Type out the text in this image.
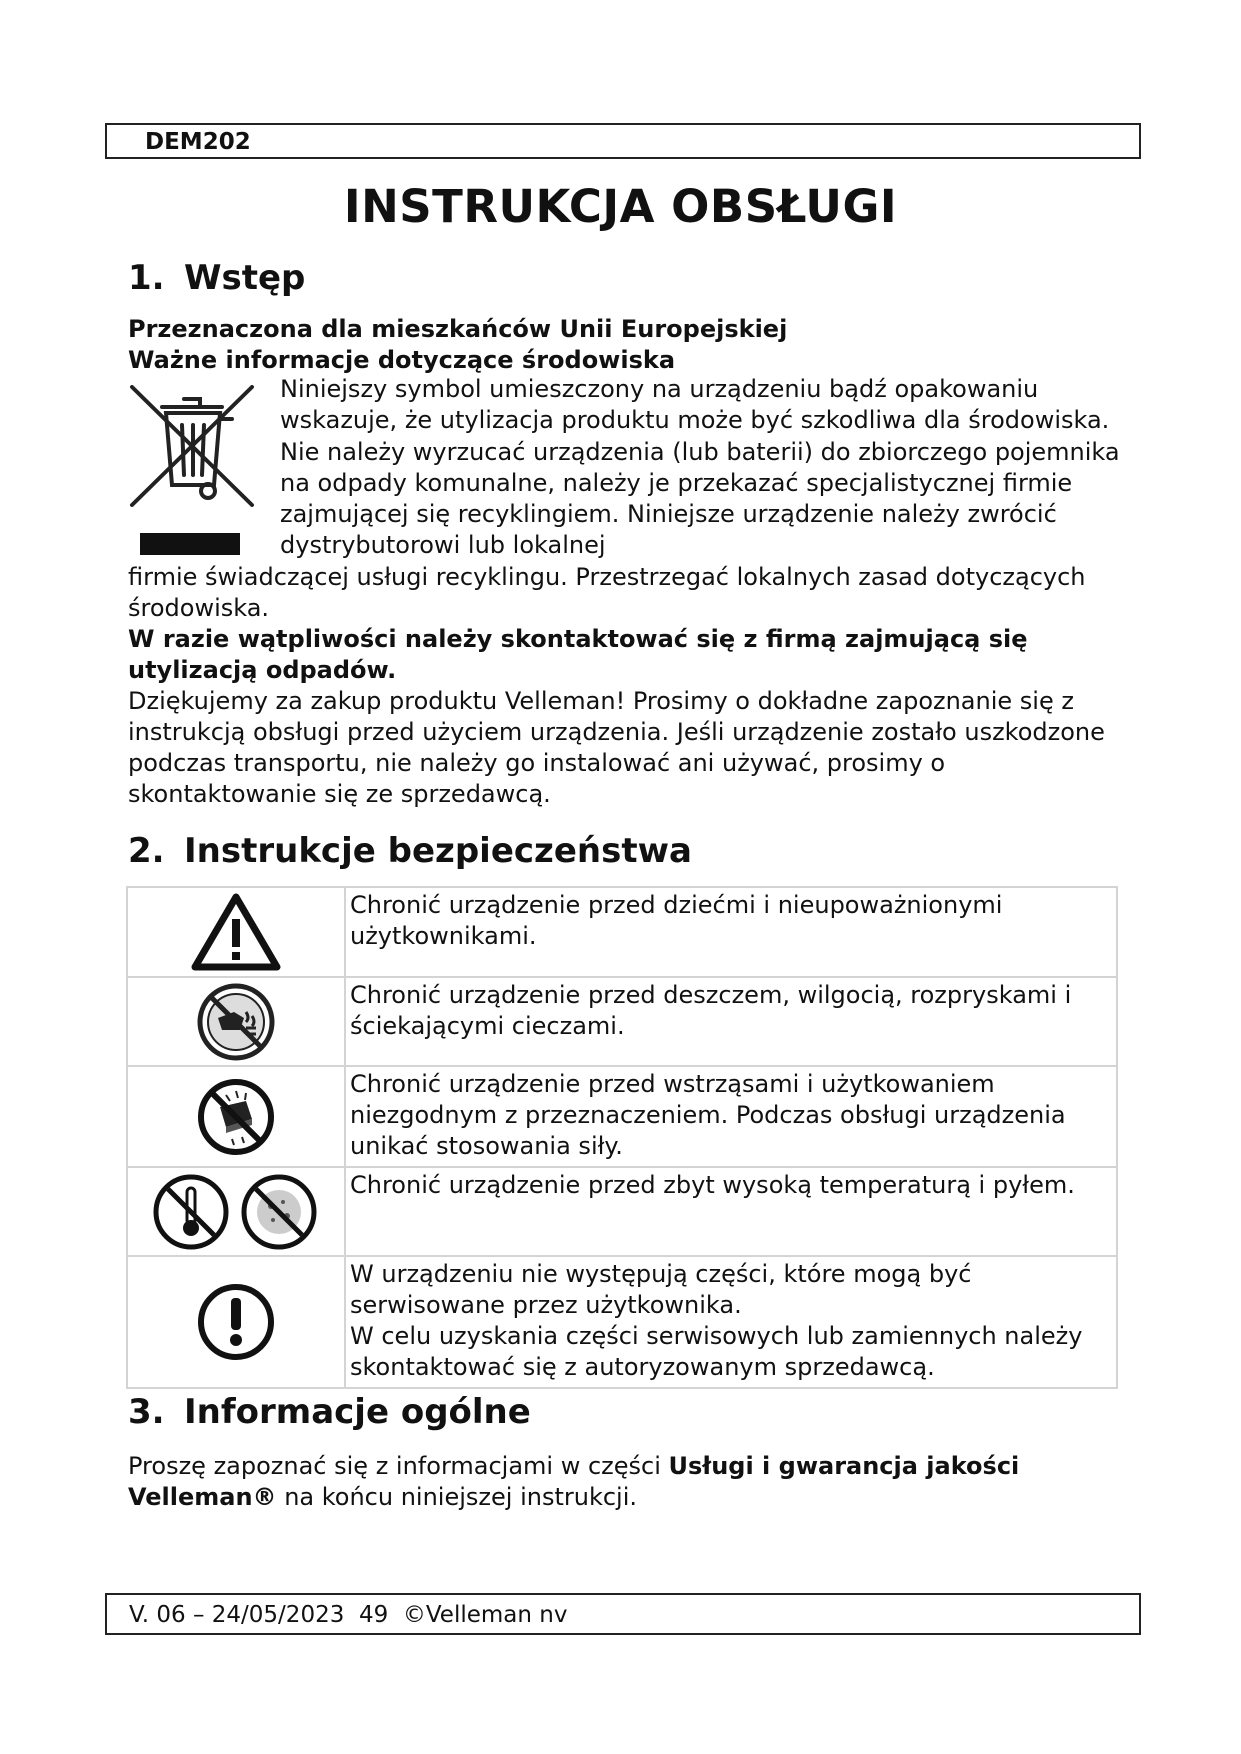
DEM202
INSTRUKCJA OBSŁUGI
1. Wstęp
Przeznaczona dla mieszkańców Unii Europejskiej
Ważne informacje dotyczące środowiska
Niniejszy symbol umieszczony na urządzeniu bądź opakowaniu wskazuje, że utylizacja produktu może być szkodliwa dla środowiska. Nie należy wyrzucać urządzenia (lub baterii) do zbiorczego pojemnika na odpady komunalne, należy je przekazać specjalistycznej firmie zajmującej się recyklingiem. Niniejsze urządzenie należy zwrócić dystrybutorowi lub lokalnej
firmie świadczącej usługi recyklingu. Przestrzegać lokalnych zasad dotyczących środowiska.
W razie wątpliwości należy skontaktować się z firmą zajmującą się utylizacją odpadów.
Dziękujemy za zakup produktu Velleman! Prosimy o dokładne zapoznanie się z instrukcją obsługi przed użyciem urządzenia. Jeśli urządzenie zostało uszkodzone podczas transportu, nie należy go instalować ani używać, prosimy o skontaktowanie się ze sprzedawcą.
2. Instrukcje bezpieczeństwa
	Chronić urządzenie przed dziećmi i nieupoważnionymi użytkownikami.

	Chronić urządzenie przed deszczem, wilgocią, rozpryskami i ściekającymi cieczami.

	Chronić urządzenie przed wstrząsami i użytkowaniem niezgodnym z przeznaczeniem. Podczas obsługi urządzenia unikać stosowania siły.

	Chronić urządzenie przed zbyt wysoką temperaturą i pyłem.

W urządzeniu nie występują części, które mogą być serwisowane przez użytkownika.
W celu uzyskania części serwisowych lub zamiennych należy skontaktować się z autoryzowanym sprzedawcą.
3. Informacje ogólne
Proszę zapoznać się z informacjami w części Usługi i gwarancja jakości Velleman® na końcu niniejszej instrukcji.
V. 06 – 24/05/2023  49  ©Velleman nv
